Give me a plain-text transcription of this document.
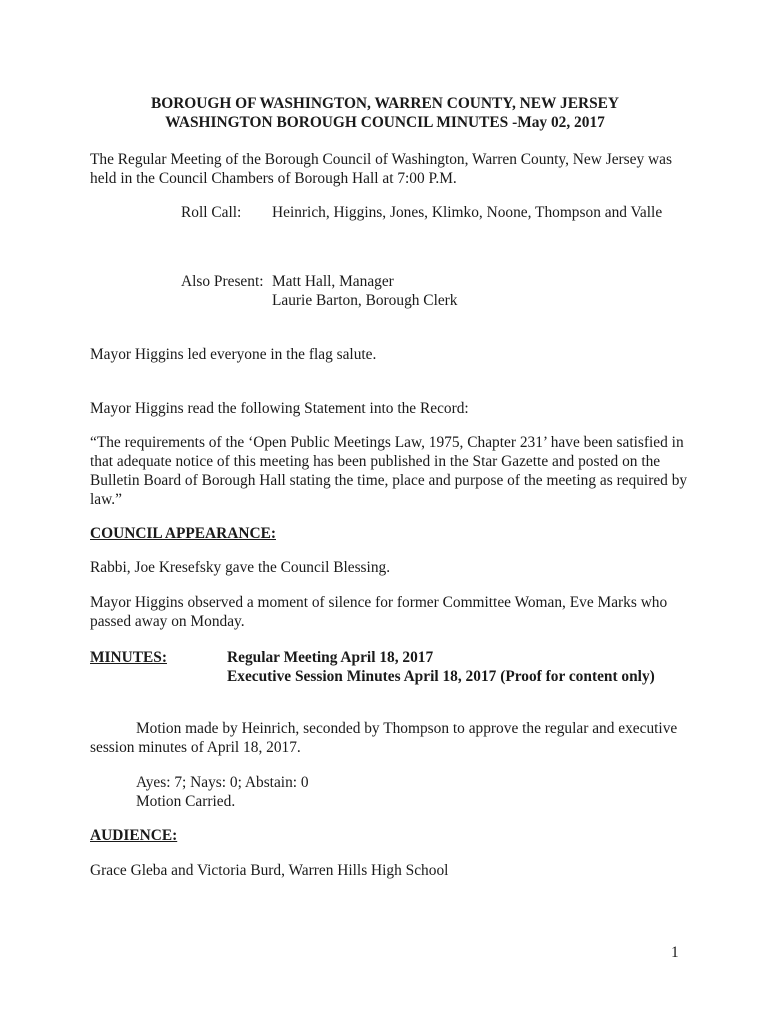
BOROUGH OF WASHINGTON, WARREN COUNTY, NEW JERSEY
WASHINGTON BOROUGH COUNCIL MINUTES -May 02, 2017
The Regular Meeting of the Borough Council of Washington, Warren County, New Jersey was
held in the Council Chambers of Borough Hall at 7:00 P.M.
Roll Call: Heinrich, Higgins, Jones, Klimko, Noone, Thompson and Valle
Also Present: Matt Hall, Manager
Laurie Barton, Borough Clerk
Mayor Higgins led everyone in the flag salute.
Mayor Higgins read the following Statement into the Record:
“The requirements of the ‘Open Public Meetings Law, 1975, Chapter 231’ have been satisfied in
that adequate notice of this meeting has been published in the Star Gazette and posted on the
Bulletin Board of Borough Hall stating the time, place and purpose of the meeting as required by
law.”
COUNCIL APPEARANCE:
Rabbi, Joe Kresefsky gave the Council Blessing.
Mayor Higgins observed a moment of silence for former Committee Woman, Eve Marks who
passed away on Monday.
MINUTES:	Regular Meeting April 18, 2017
Executive Session Minutes April 18, 2017 (Proof for content only)
Motion made by Heinrich, seconded by Thompson to approve the regular and executive
session minutes of April 18, 2017.
Ayes: 7; Nays: 0; Abstain: 0
Motion Carried.
AUDIENCE:
Grace Gleba and Victoria Burd, Warren Hills High School
1
